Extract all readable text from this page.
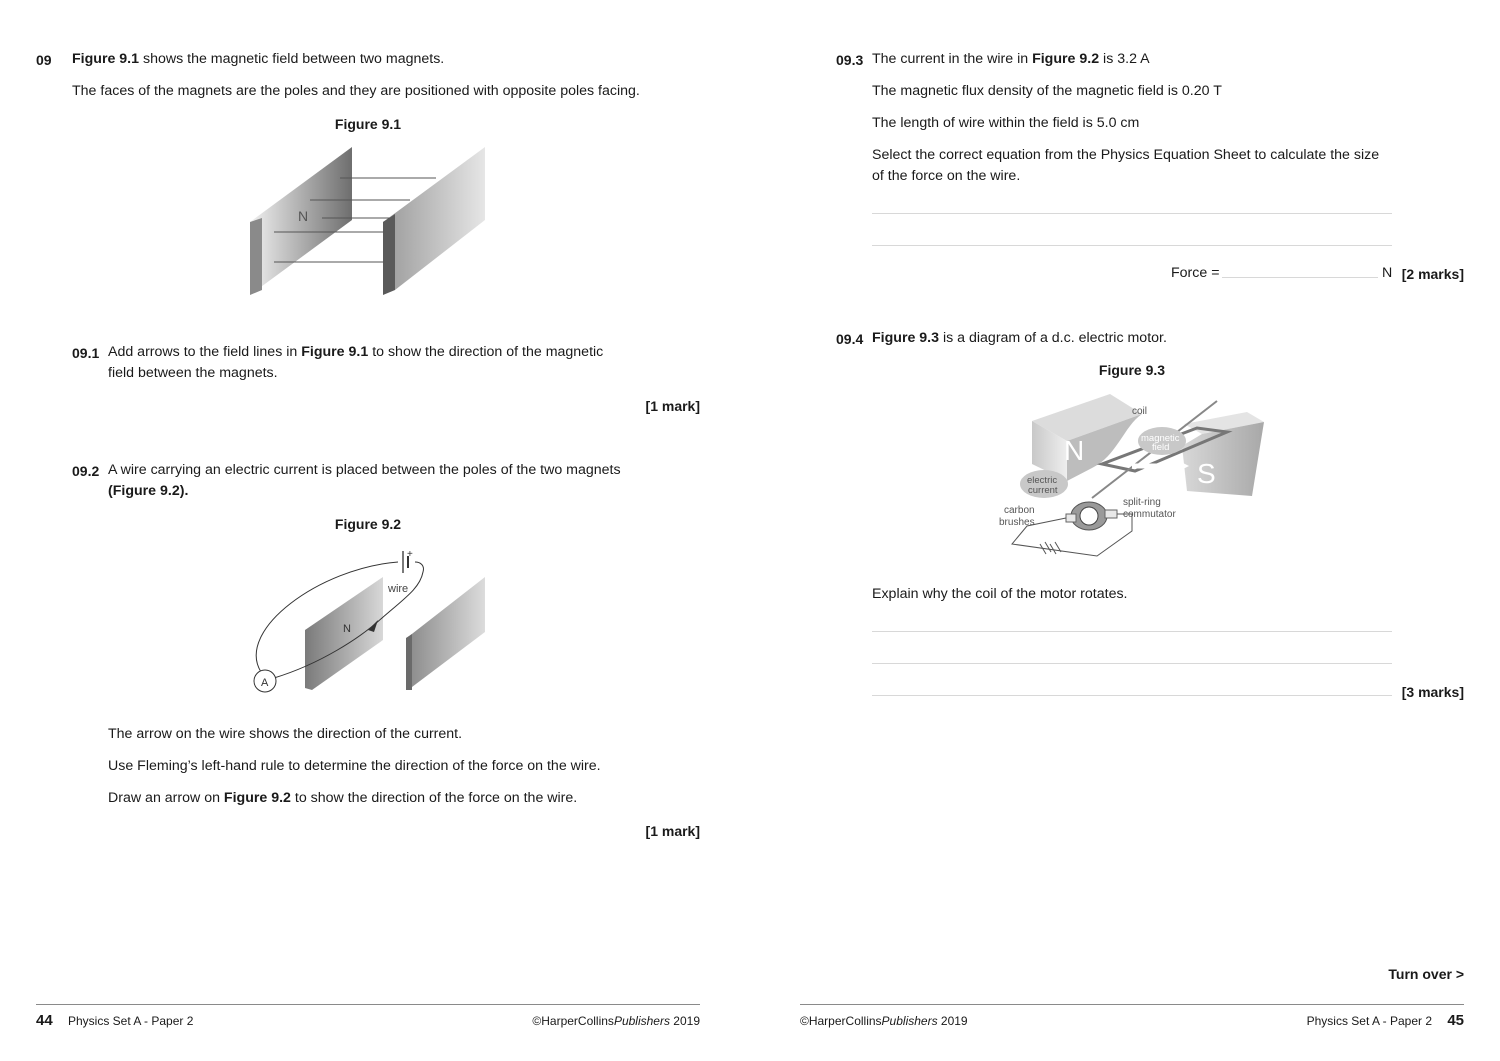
09 Figure 9.1 shows the magnetic field between two magnets.
The faces of the magnets are the poles and they are positioned with opposite poles facing.
Figure 9.1
N
09.1 Add arrows to the field lines in Figure 9.1 to show the direction of the magnetic
field between the magnets.
[1 mark]
09.2 A wire carrying an electric current is placed between the poles of the two magnets
(Figure 9.2).
Figure 9.2
A
+
wire
N
The arrow on the wire shows the direction of the current.
Use Fleming’s left-hand rule to determine the direction of the force on the wire.
Draw an arrow on Figure 9.2 to show the direction of the force on the wire.
[1 mark]
44 Physics Set A - Paper 2	©HarperCollinsPublishers 2019
09.3 The current in the wire in Figure 9.2 is 3.2 A
The magnetic flux density of the magnetic field is 0.20 T
The length of wire within the field is 5.0 cm
Select the correct equation from the Physics Equation Sheet to calculate the size
of the force on the wire.
Force =	N [2 marks]
09.4 Figure 9.3 is a diagram of a d.c. electric motor.
Figure 9.3
N
S
coil
magnetic
field
electric
current
split-ring
commutator
carbon
brushes
Explain why the coil of the motor rotates.
[3 marks]
Turn over >
©HarperCollinsPublishers 2019	Physics Set A - Paper 2 45
